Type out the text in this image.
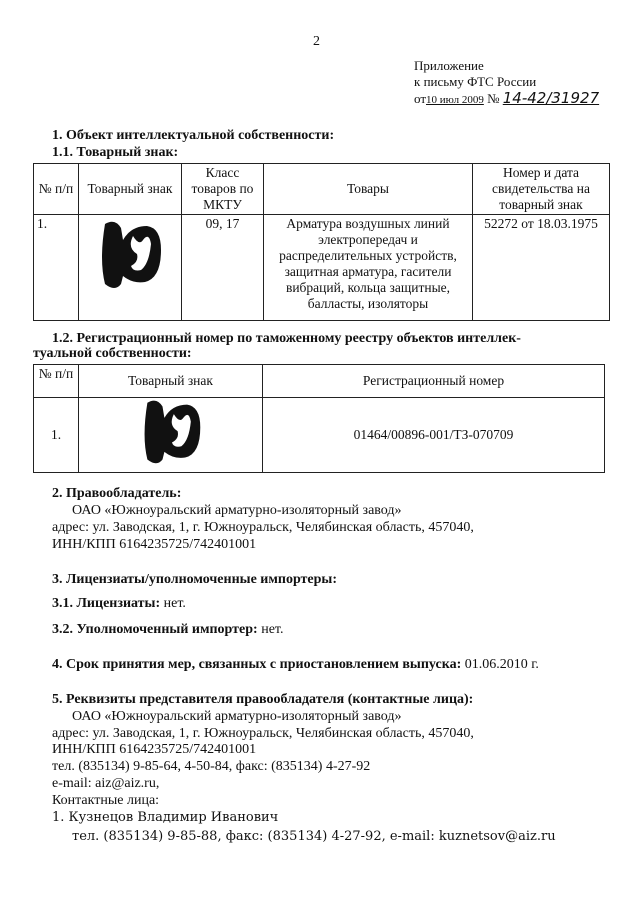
2
Приложение
к письму ФТС России
от10 июл 2009 № 14-42/31927
1. Объект интеллектуальной собственности:
1.1. Товарный знак:
№ п/п	Товарный знак	Класс товаров по МКТУ	Товары	Номер и дата свидетельства на товарный знак
1.		09, 17	Арматура воздушных линий электропередач и распределительных устройств, защитная арматура, гасители вибраций, кольца защитные, балласты, изоляторы	52272 от 18.03.1975
1.2. Регистрационный номер по таможенному реестру объектов интеллек-
туальной собственности:
№ п/п	Товарный знак	Регистрационный номер
1.		01464/00896-001/ТЗ-070709
2. Правообладатель:
ОАО «Южноуральский арматурно-изоляторный завод»
адрес: ул. Заводская, 1, г. Южноуральск, Челябинская область, 457040,
ИНН/КПП 6164235725/742401001
3. Лицензиаты/уполномоченные импортеры:
3.1. Лицензиаты: нет.
3.2. Уполномоченный импортер: нет.
4. Срок принятия мер, связанных с приостановлением выпуска: 01.06.2010 г.
5. Реквизиты представителя правообладателя (контактные лица):
ОАО «Южноуральский арматурно-изоляторный завод»
адрес: ул. Заводская, 1, г. Южноуральск, Челябинская область, 457040,
ИНН/КПП 6164235725/742401001
тел. (835134) 9-85-64, 4-50-84, факс: (835134) 4-27-92
e-mail: aiz@aiz.ru,
Контактные лица:
1. Кузнецов Владимир Иванович
тел. (835134) 9-85-88, факс: (835134) 4-27-92, e-mail: kuznetsov@aiz.ru
